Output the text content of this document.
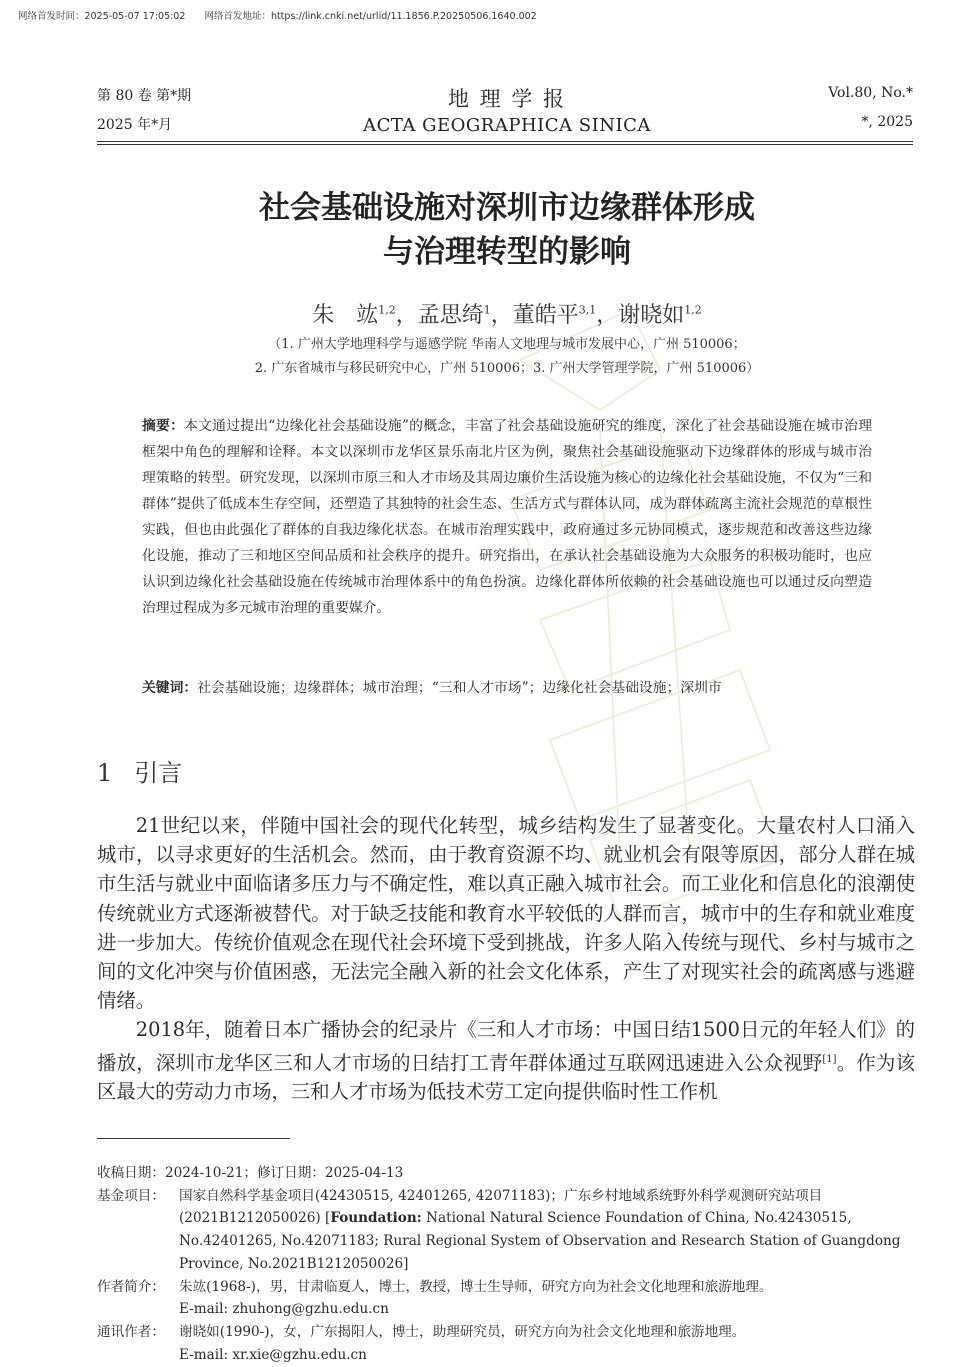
网络首发时间：2025-05-07 17:05:02 网络首发地址：https://link.cnki.net/urlid/11.1856.P.20250506.1640.002
第 80 卷 第*期
2025 年*月
地 理 学 报
ACTA GEOGRAPHICA SINICA
Vol.80, No.*
*, 2025
社会基础设施对深圳市边缘群体形成
与治理转型的影响
朱　竑$^{1,2}$，孟思绮$^1$，董皓平$^{3,1}$，谢晓如$^{1,2}$
（1. 广州大学地理科学与遥感学院 华南人文地理与城市发展中心，广州 510006；
2. 广东省城市与移民研究中心，广州 510006；3. 广州大学管理学院，广州 510006）
摘要：本文通过提出“边缘化社会基础设施”的概念，丰富了社会基础设施研究的维度，深化了社会基础设施在城市治理框架中角色的理解和诠释。本文以深圳市龙华区景乐南北片区为例，聚焦社会基础设施驱动下边缘群体的形成与城市治理策略的转型。研究发现，以深圳市原三和人才市场及其周边廉价生活设施为核心的边缘化社会基础设施，不仅为“三和群体”提供了低成本生存空间，还塑造了其独特的社会生态、生活方式与群体认同，成为群体疏离主流社会规范的草根性实践，但也由此强化了群体的自我边缘化状态。在城市治理实践中，政府通过多元协同模式，逐步规范和改善这些边缘化设施，推动了三和地区空间品质和社会秩序的提升。研究指出，在承认社会基础设施为大众服务的积极功能时，也应认识到边缘化社会基础设施在传统城市治理体系中的角色扮演。边缘化群体所依赖的社会基础设施也可以通过反向塑造治理过程成为多元城市治理的重要媒介。
关键词：社会基础设施；边缘群体；城市治理；“三和人才市场”；边缘化社会基础设施；深圳市
1 引言

21世纪以来，伴随中国社会的现代化转型，城乡结构发生了显著变化。大量农村人口涌入城市，以寻求更好的生活机会。然而，由于教育资源不均、就业机会有限等原因，部分人群在城市生活与就业中面临诸多压力与不确定性，难以真正融入城市社会。而工业化和信息化的浪潮使传统就业方式逐渐被替代。对于缺乏技能和教育水平较低的人群而言，城市中的生存和就业难度进一步加大。传统价值观念在现代社会环境下受到挑战，许多人陷入传统与现代、乡村与城市之间的文化冲突与价值困惑，无法完全融入新的社会文化体系，产生了对现实社会的疏离感与逃避情绪。

2018年，随着日本广播协会的纪录片《三和人才市场：中国日结1500日元的年轻人们》的播放，深圳市龙华区三和人才市场的日结打工青年群体通过互联网迅速进入公众视野[1]。作为该区最大的劳动力市场，三和人才市场为低技术劳工定向提供临时性工作机

收稿日期：2024-10-21；修订日期：2025-04-13
基金项目：	国家自然科学基金项目(42430515, 42401265, 42071183)；广东乡村地域系统野外科学观测研究站项目(2021B1212050026) [Foundation: National Natural Science Foundation of China, No.42430515, No.42401265, No.42071183; Rural Regional System of Observation and Research Station of Guangdong Province, No.2021B1212050026]
作者简介：	朱竑(1968-)，男，甘肃临夏人，博士，教授，博士生导师，研究方向为社会文化地理和旅游地理。
E-mail: zhuhong@gzhu.edu.cn
通讯作者：	谢晓如(1990-)，女，广东揭阳人，博士，助理研究员，研究方向为社会文化地理和旅游地理。
E-mail: xr.xie@gzhu.edu.cn
